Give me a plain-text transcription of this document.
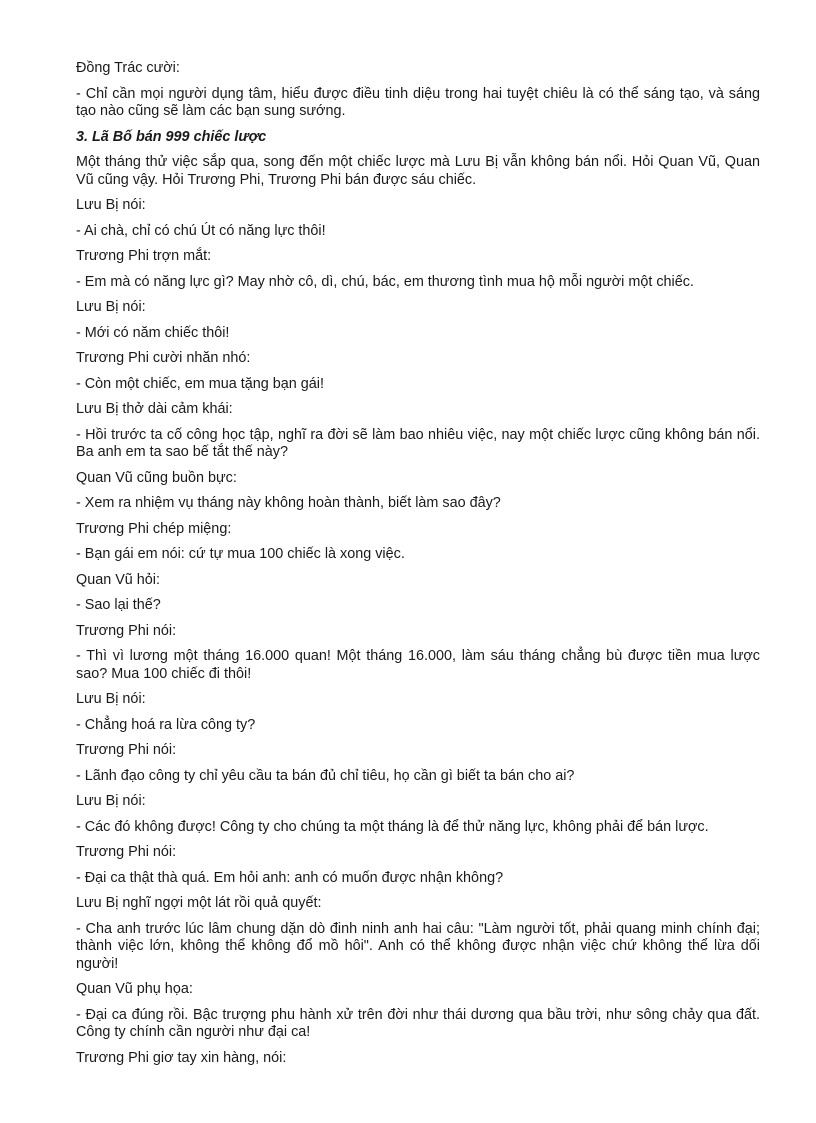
Đồng Trác cười:

- Chỉ cần mọi người dụng tâm, hiểu được điều tinh diệu trong hai tuyệt chiêu là có thể sáng tạo, và sáng tạo nào cũng sẽ làm các bạn sung sướng.

3. Lã Bố bán 999 chiếc lược

Một tháng thử việc sắp qua, song đến một chiếc lược mà Lưu Bị vẫn không bán nổi. Hỏi Quan Vũ, Quan Vũ cũng vậy. Hỏi Trương Phi, Trương Phi bán được sáu chiếc.

Lưu Bị nói:

- Ai chà, chỉ có chú Út có năng lực thôi!

Trương Phi trợn mắt:

- Em mà có năng lực gì? May nhờ cô, dì, chú, bác, em thương tình mua hộ mỗi người một chiếc.

Lưu Bị nói:

- Mới có năm chiếc thôi!

Trương Phi cười nhăn nhó:

- Còn một chiếc, em mua tặng bạn gái!

Lưu Bị thở dài cảm khái:

- Hồi trước ta cố công học tập, nghĩ ra đời sẽ làm bao nhiêu việc, nay một chiếc lược cũng không bán nổi. Ba anh em ta sao bế tắt thế này?

Quan Vũ cũng buồn bực:

- Xem ra nhiệm vụ tháng này không hoàn thành, biết làm sao đây?

Trương Phi chép miệng:

- Bạn gái em nói: cứ tự mua 100 chiếc là xong việc.

Quan Vũ hỏi:

- Sao lại thế?

Trương Phi nói:

- Thì vì lương một tháng 16.000 quan! Một tháng 16.000, làm sáu tháng chẳng bù được tiền mua lược sao? Mua 100 chiếc đi thôi!

Lưu Bị nói:

- Chẳng hoá ra lừa công ty?

Trương Phi nói:

- Lãnh đạo công ty chỉ yêu cầu ta bán đủ chỉ tiêu, họ cần gì biết ta bán cho ai?

Lưu Bị nói:

- Các đó không được! Công ty cho chúng ta một tháng là để thử năng lực, không phải để bán lược.

Trương Phi nói:

- Đại ca thật thà quá. Em hỏi anh: anh có muốn được nhận không?

Lưu Bị nghĩ ngợi một lát rồi quả quyết:

- Cha anh trước lúc lâm chung dặn dò đinh ninh anh hai câu: "Làm người tốt, phải quang minh chính đại; thành việc lớn, không thể không đổ mồ hôi". Anh có thể không được nhận việc chứ không thể lừa dối người!

Quan Vũ phụ họa:

- Đại ca đúng rồi. Bậc trượng phu hành xử trên đời như thái dương qua bầu trời, như sông chảy qua đất. Công ty chính cần người như đại ca!

Trương Phi giơ tay xin hàng, nói:
